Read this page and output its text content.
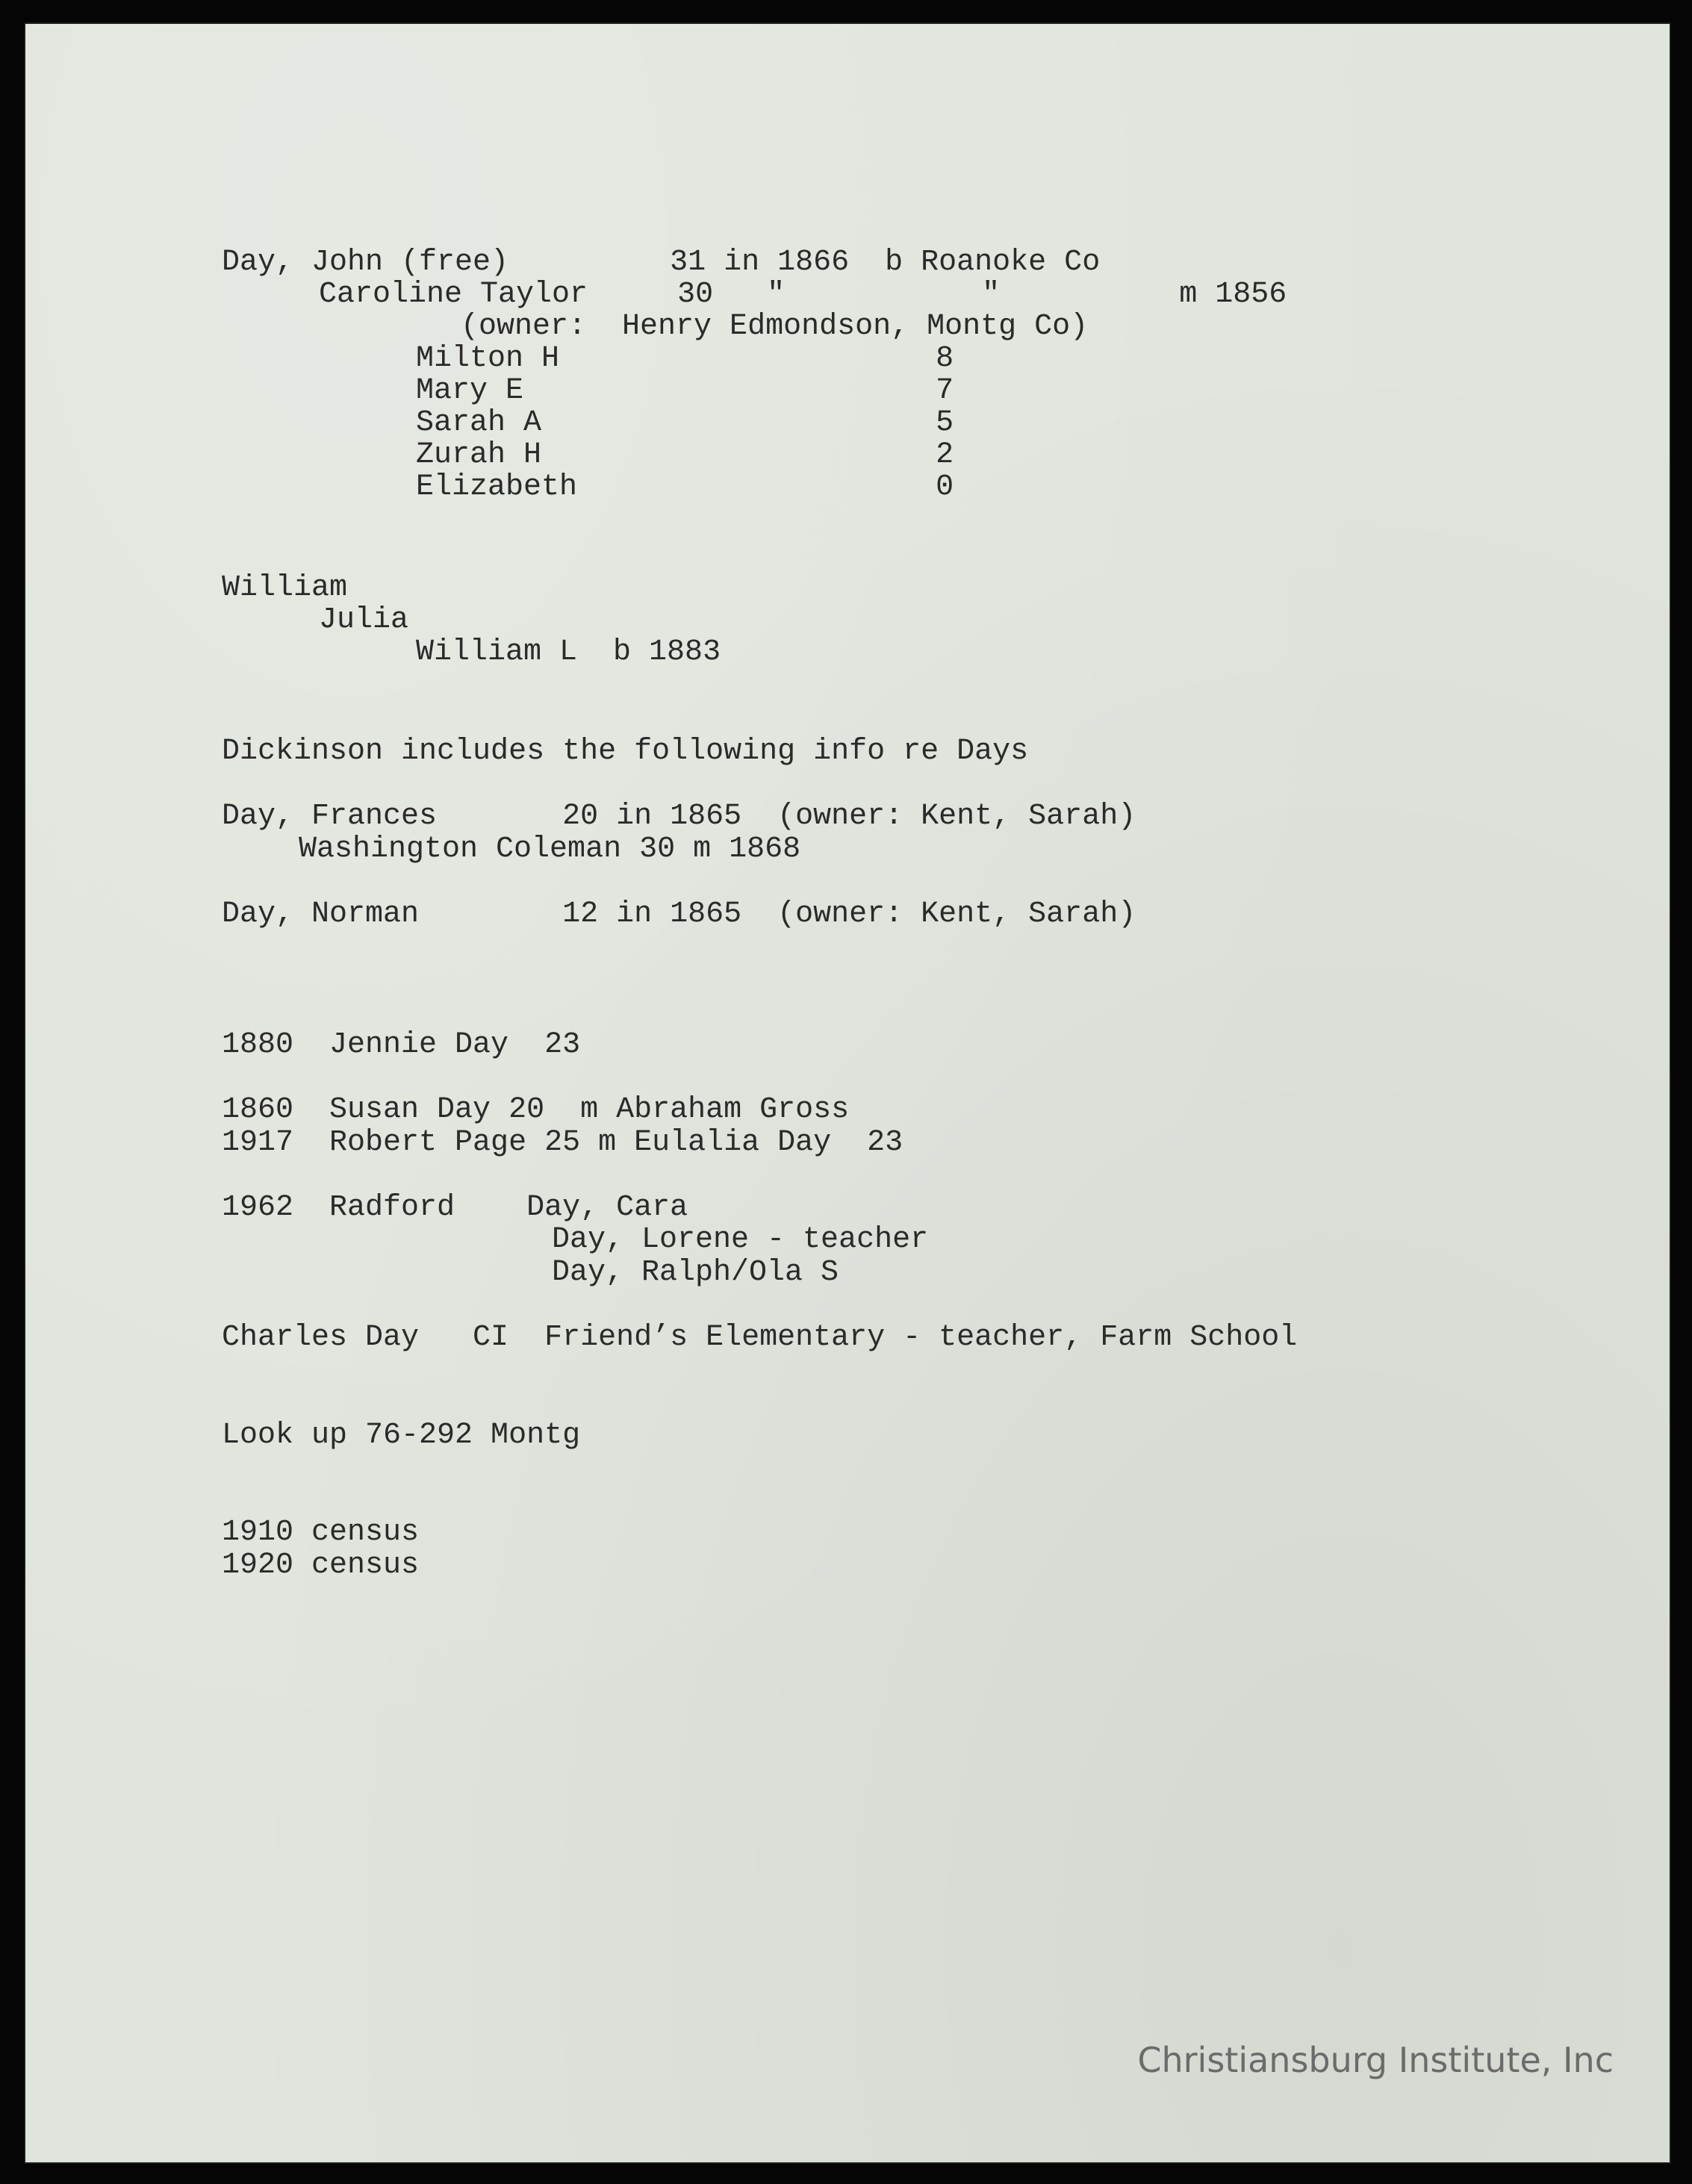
Day, John (free)         31 in 1866  b Roanoke Co
Caroline Taylor     30   "           "          m 1856
(owner:  Henry Edmondson, Montg Co)
Milton H                     8
Mary E                       7
Sarah A                      5
Zurah H                      2
Elizabeth                    0
William
Julia
William L  b 1883
Dickinson includes the following info re Days
Day, Frances       20 in 1865  (owner: Kent, Sarah)
Washington Coleman 30 m 1868
Day, Norman        12 in 1865  (owner: Kent, Sarah)
1880  Jennie Day  23
1860  Susan Day 20  m Abraham Gross
1917  Robert Page 25 m Eulalia Day  23
1962  Radford    Day, Cara
Day, Lorene - teacher
Day, Ralph/Ola S
Charles Day   CI  Friend’s Elementary - teacher, Farm School
Look up 76-292 Montg
1910 census
1920 census
Christiansburg Institute, Inc
